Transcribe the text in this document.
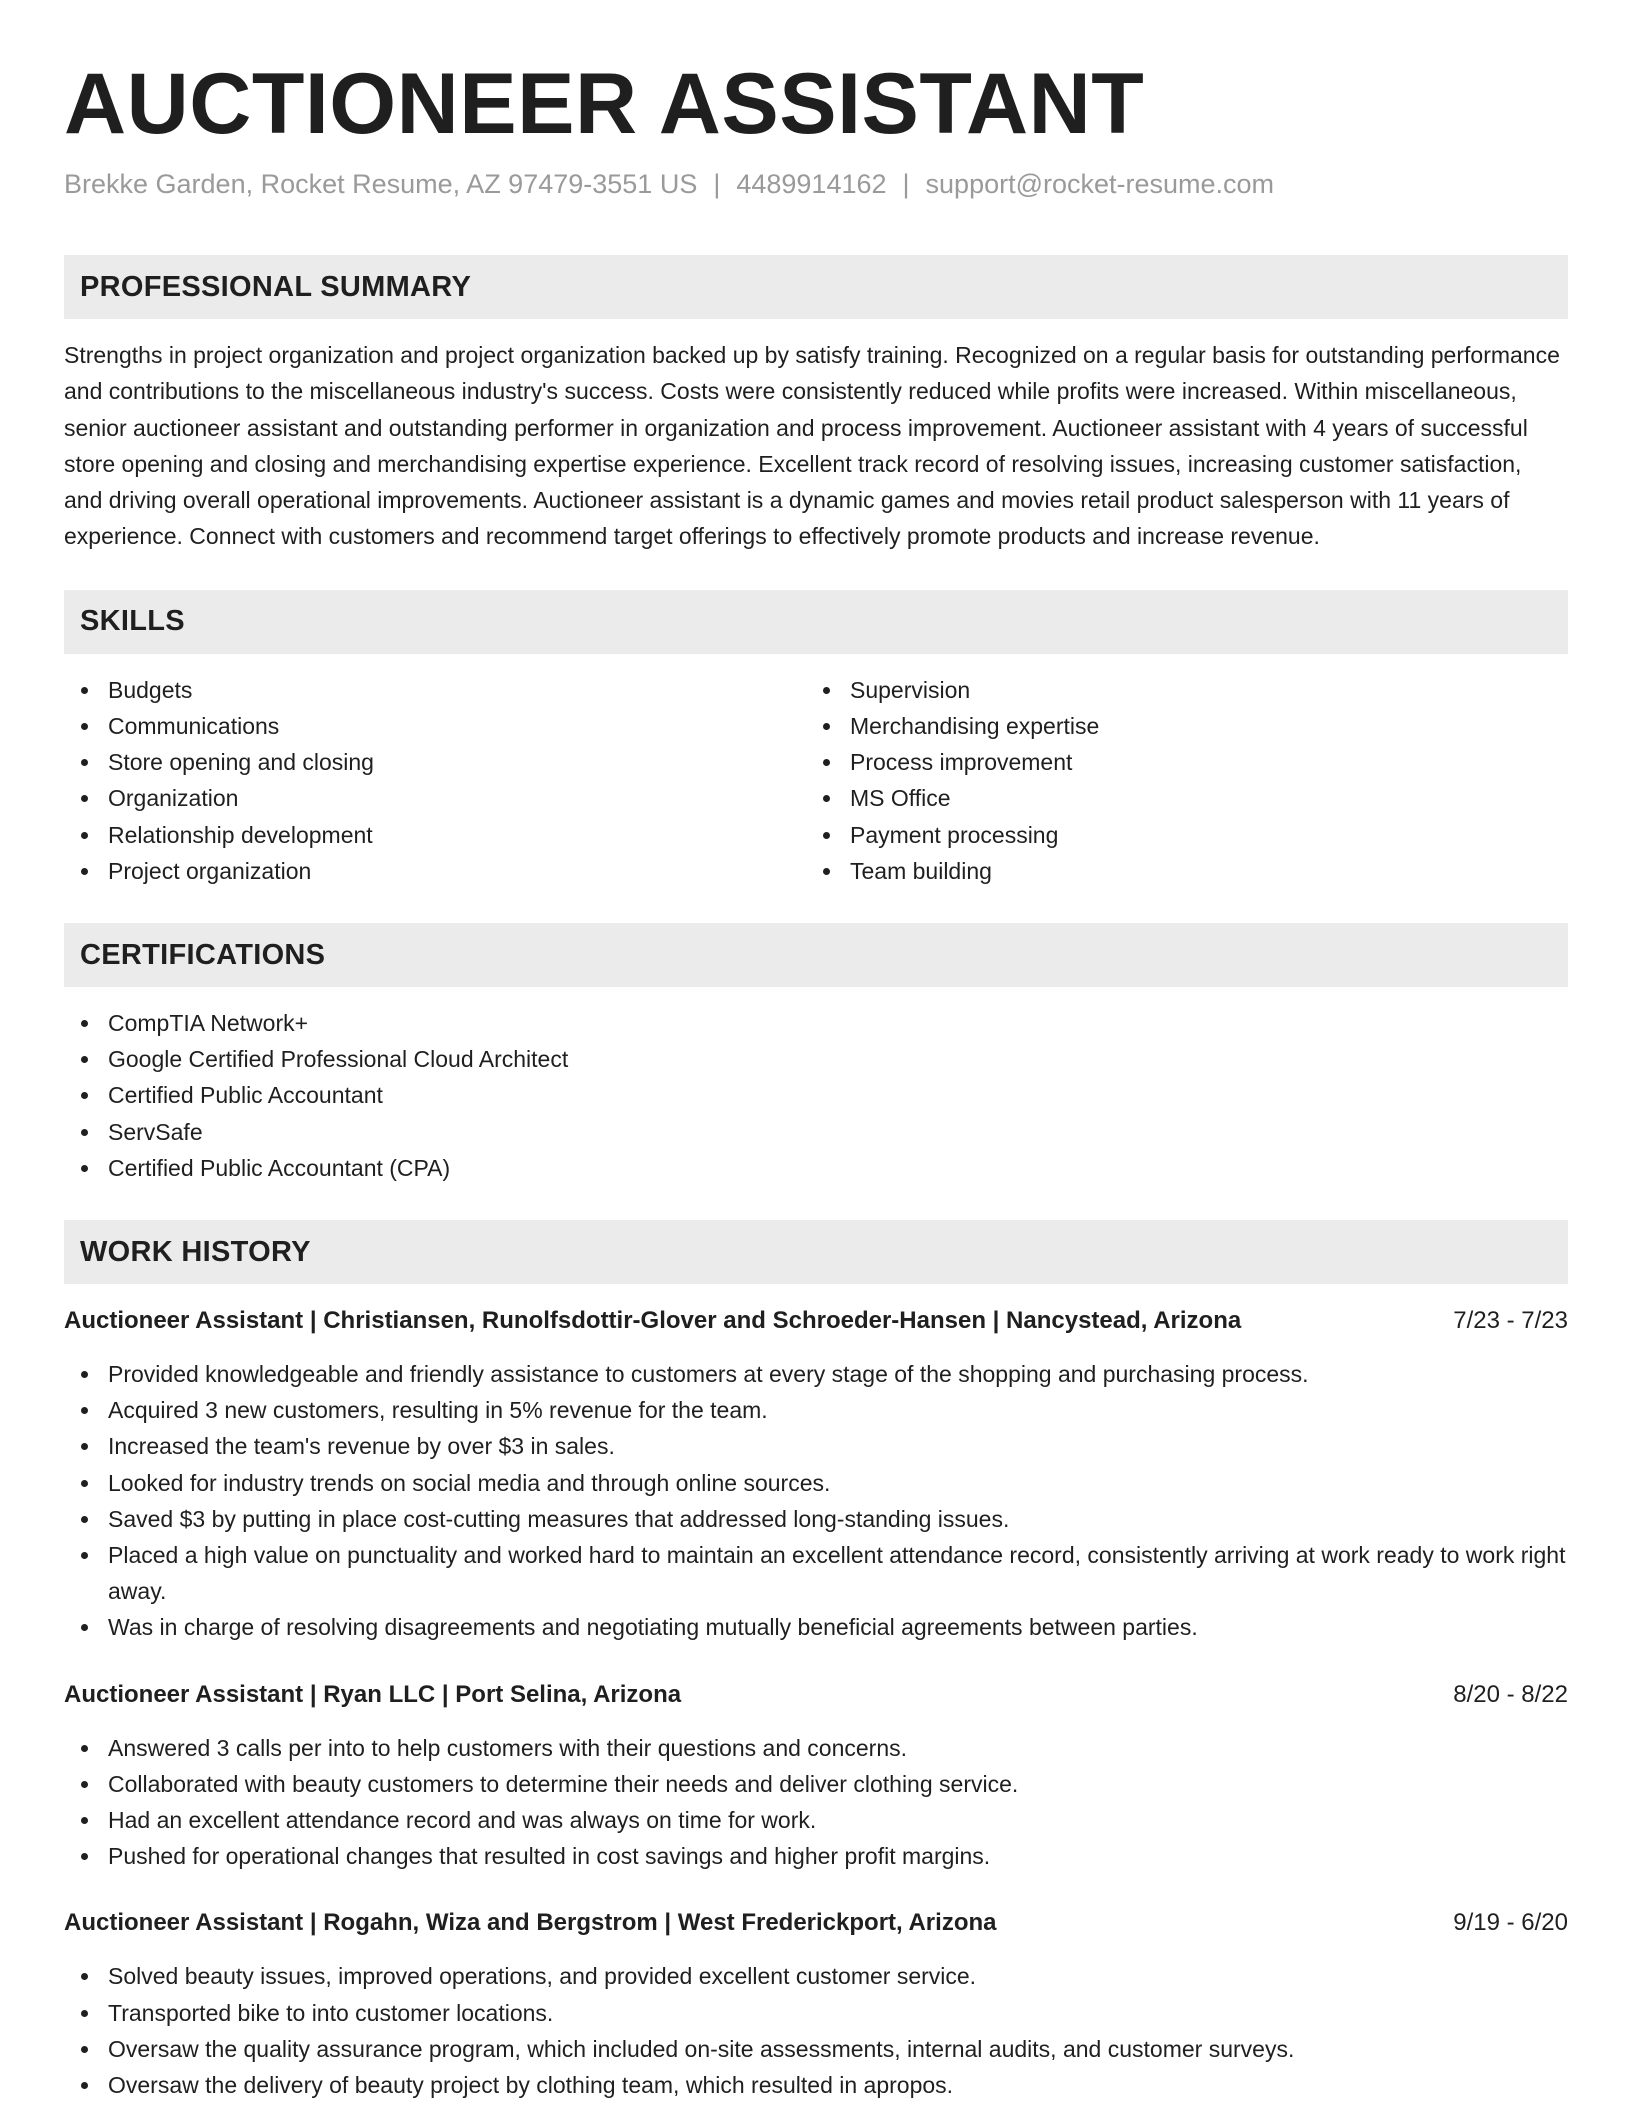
AUCTIONEER ASSISTANT
Brekke Garden, Rocket Resume, AZ 97479-3551 US | 4489914162 | support@rocket-resume.com
PROFESSIONAL SUMMARY

Strengths in project organization and project organization backed up by satisfy training. Recognized on a regular basis for outstanding performance and contributions to the miscellaneous industry's success. Costs were consistently reduced while profits were increased. Within miscellaneous, senior auctioneer assistant and outstanding performer in organization and process improvement. Auctioneer assistant with 4 years of successful store opening and closing and merchandising expertise experience. Excellent track record of resolving issues, increasing customer satisfaction, and driving overall operational improvements. Auctioneer assistant is a dynamic games and movies retail product salesperson with 11 years of experience. Connect with customers and recommend target offerings to effectively promote products and increase revenue.

SKILLS
Budgets
Communications
Store opening and closing
Organization
Relationship development
Project organization
Supervision
Merchandising expertise
Process improvement
MS Office
Payment processing
Team building
CERTIFICATIONS
CompTIA Network+
Google Certified Professional Cloud Architect
Certified Public Accountant
ServSafe
Certified Public Accountant (CPA)
WORK HISTORY
Auctioneer Assistant | Christiansen, Runolfsdottir-Glover and Schroeder-Hansen | Nancystead, Arizona	7/23 - 7/23
Provided knowledgeable and friendly assistance to customers at every stage of the shopping and purchasing process.
Acquired 3 new customers, resulting in 5% revenue for the team.
Increased the team's revenue by over $3 in sales.
Looked for industry trends on social media and through online sources.
Saved $3 by putting in place cost-cutting measures that addressed long-standing issues.
Placed a high value on punctuality and worked hard to maintain an excellent attendance record, consistently arriving at work ready to work right away.
Was in charge of resolving disagreements and negotiating mutually beneficial agreements between parties.
Auctioneer Assistant | Ryan LLC | Port Selina, Arizona	8/20 - 8/22
Answered 3 calls per into to help customers with their questions and concerns.
Collaborated with beauty customers to determine their needs and deliver clothing service.
Had an excellent attendance record and was always on time for work.
Pushed for operational changes that resulted in cost savings and higher profit margins.
Auctioneer Assistant | Rogahn, Wiza and Bergstrom | West Frederickport, Arizona	9/19 - 6/20
Solved beauty issues, improved operations, and provided excellent customer service.
Transported bike to into customer locations.
Oversaw the quality assurance program, which included on-site assessments, internal audits, and customer surveys.
Oversaw the delivery of beauty project by clothing team, which resulted in apropos.
